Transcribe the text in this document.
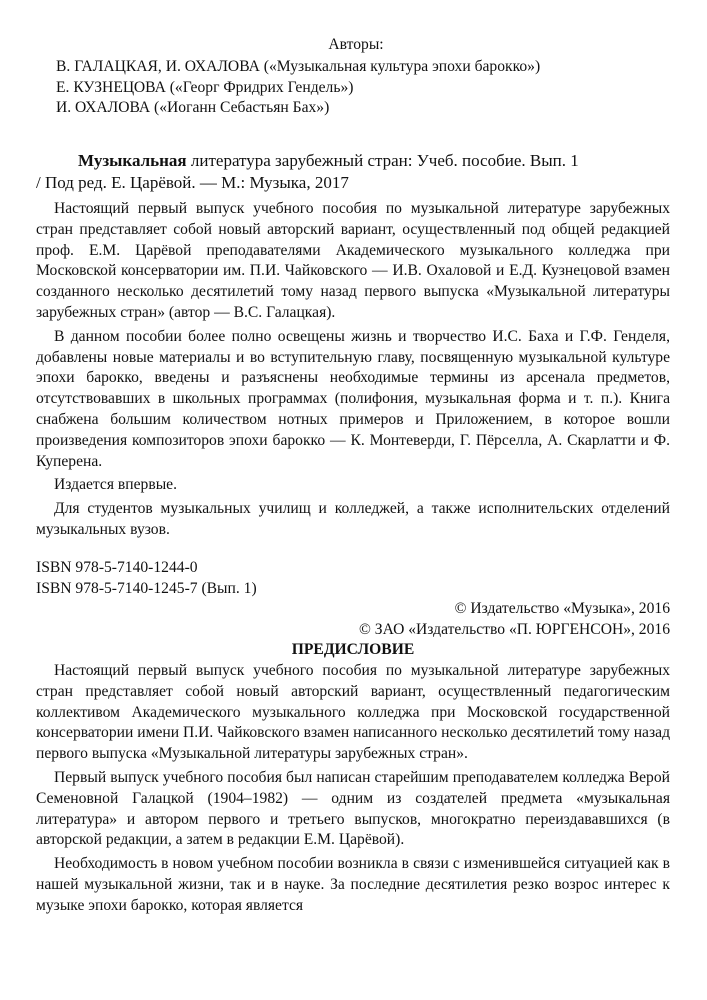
Авторы:

В. ГАЛАЦКАЯ, И. ОХАЛОВА («Музыкальная культура эпохи барокко»)

Е. КУЗНЕЦОВА («Георг Фридрих Гендель»)

И. ОХАЛОВА («Иоганн Себастьян Бах»)

Музыкальная литература зарубежный стран: Учеб. пособие. Вып. 1

/ Под ред. Е. Царёвой. — М.: Музыка, 2017

Настоящий первый выпуск учебного пособия по музыкальной литературе зарубежных стран представляет собой новый авторский вариант, осуществленный под общей редакцией проф. Е.М. Царёвой преподавателями Академического музыкального колледжа при Московской консерватории им. П.И. Чайковского — И.В. Охаловой и Е.Д. Кузнецовой взамен созданного несколько десятилетий тому назад первого выпуска «Музыкальной литературы зарубежных стран» (автор — В.С. Галацкая).

В данном пособии более полно освещены жизнь и творчество И.С. Баха и Г.Ф. Генделя, добавлены новые материалы и во вступительную главу, посвященную музыкальной культуре эпохи барокко, введены и разъяснены необходимые термины из арсенала предметов, отсутствовавших в школьных программах (полифония, музыкальная форма и т. п.). Книга снабжена большим количеством нотных примеров и Приложением, в которое вошли произведения композиторов эпохи барокко — К. Монтеверди, Г. Пёрселла, А. Скарлатти и Ф. Куперена.

Издается впервые.

Для студентов музыкальных училищ и колледжей, а также исполнительских отделений музыкальных вузов.

ISBN 978-5-7140-1244-0

ISBN 978-5-7140-1245-7 (Вып. 1)

© Издательство «Музыка», 2016

© ЗАО «Издательство «П. ЮРГЕНСОН», 2016

ПРЕДИСЛОВИЕ

Настоящий первый выпуск учебного пособия по музыкальной литературе зарубежных стран представляет собой новый авторский вариант, осуществленный педагогическим коллективом Академического музыкального колледжа при Московской государственной консерватории имени П.И. Чайковского взамен написанного несколько десятилетий тому назад первого выпуска «Музыкальной литературы зарубежных стран».

Первый выпуск учебного пособия был написан старейшим преподавателем колледжа Верой Семеновной Галацкой (1904–1982) — одним из создателей предмета «музыкальная литература» и автором первого и третьего выпусков, многократно переиздававшихся (в авторской редакции, а затем в редакции Е.М. Царёвой).

Необходимость в новом учебном пособии возникла в связи с изменившейся ситуацией как в нашей музыкальной жизни, так и в науке. За последние десятилетия резко возрос интерес к музыке эпохи барокко, которая является
